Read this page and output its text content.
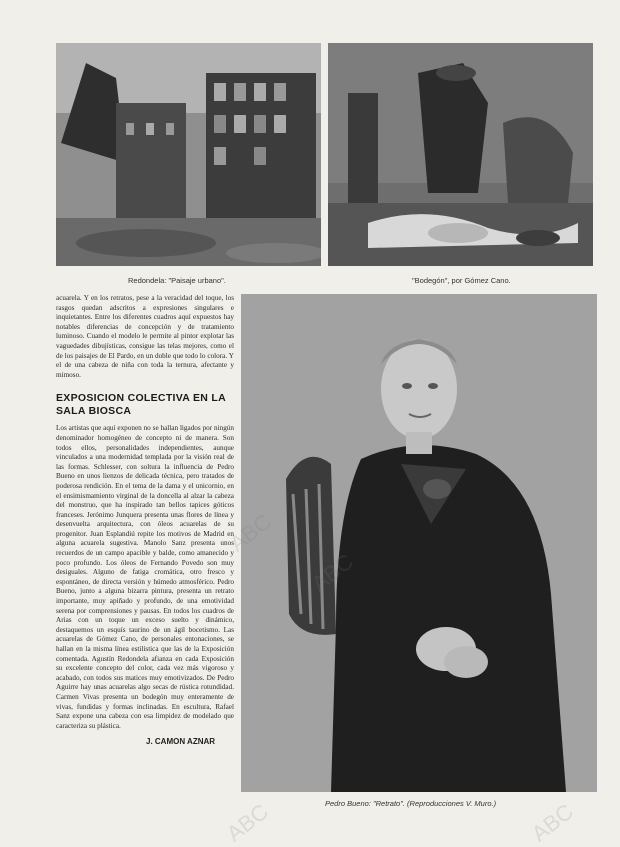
Redondela: "Paisaje urbano".	"Bodegón", por Gómez Cano.
Pedro Bueno: "Retrato". (Reproducciones V. Muro.)

acuarela. Y en los retratos, pese a la veracidad del toque, los rasgos quedan adscritos a expresiones singulares e inquietantes. Entre los diferentes cuadros aquí expuestos hay notables diferencias de concepción y de tratamiento luminoso. Cuando el modelo le permite al pintor explotar las vaguedades dibujísticas, consigue las telas mejores, como el de los paisajes de El Pardo, en un doble que todo lo colora. Y el de una cabeza de niña con toda la ternura, afectante y mimoso.

EXPOSICION COLECTIVA EN LA SALA BIOSCA

Los artistas que aquí exponen no se hallan ligados por ningún denominador homogéneo de concepto ni de manera. Son todos ellos, personalidades independientes, aunque vinculados a una modernidad templada por la visión real de las formas. Schlesser, con soltura la influencia de Pedro Bueno en unos lienzos de delicada técnica, pero tratados de poderosa rendición. En el tema de la dama y el unicornio, en el ensimismamiento virginal de la doncella al alzar la cabeza del monstruo, que ha inspirado tan bellos tapices góticos franceses. Jerónimo Junquera presenta unas flores de línea y desenvuelta arquitectura, con óleos acuarelas de su progenitor. Juan Esplandiú repite los motivos de Madrid en alguna acuarela sugestiva. Manolo Sanz presenta unos recuerdos de un campo apacible y balde, como amanecido y poco profundo. Los óleos de Fernando Povedo son muy desiguales. Alguno de fatiga cromática, otro fresco y espontáneo, de directa versión y húmedo atmosférico. Pedro Bueno, junto a alguna bizarra pintura, presenta un retrato importante, muy apiñado y profundo, de una emotividad serena por comprensiones y pausas. En todos los cuadros de Arias con un toque un exceso suelto y dinámico, destaquemos un esquís taurino de un ágil bocetismo. Las acuarelas de Gómez Cano, de personales entonaciones, se hallan en la misma línea estilística que las de la Exposición comentada. Agustín Redondela afianza en cada Exposición su excelente concepto del color, cada vez más vigoroso y acabado, con todos sus matices muy emotivizados. De Pedro Aguirre hay unas acuarelas algo secas de rústica rotundidad. Carmen Vivas presenta un bodegón muy enteramente de vivas, fundidas y formas inclinadas. En escultura, Rafael Sanz expone una cabeza con esa limpidez de modelado que caracteriza su plástica.

J. CAMON AZNAR
ABC	ABC
